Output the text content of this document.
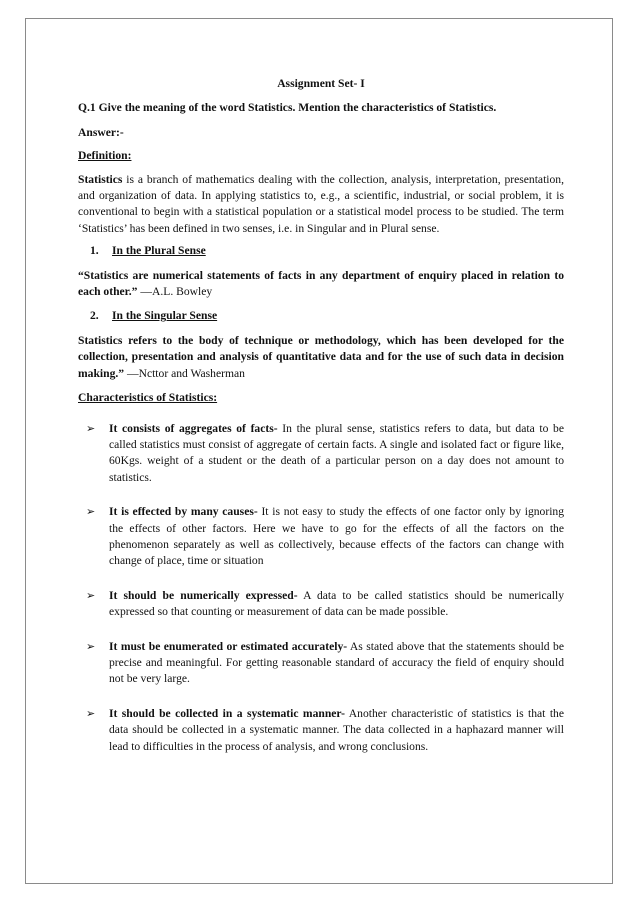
Assignment Set- I

Q.1 Give the meaning of the word Statistics. Mention the characteristics of Statistics.

Answer:-

Definition:

Statistics is a branch of mathematics dealing with the collection, analysis, interpretation, presentation, and organization of data. In applying statistics to, e.g., a scientific, industrial, or social problem, it is conventional to begin with a statistical population or a statistical model process to be studied. The term ‘Statistics’ has been defined in two senses, i.e. in Singular and in Plural sense.

1. In the Plural Sense

“Statistics are numerical statements of facts in any department of enquiry placed in relation to each other.” —A.L. Bowley

2. In the Singular Sense

Statistics refers to the body of technique or methodology, which has been developed for the collection, presentation and analysis of quantitative data and for the use of such data in decision making.” —Ncttor and Washerman

Characteristics of Statistics:

➢ It consists of aggregates of facts- In the plural sense, statistics refers to data, but data to be called statistics must consist of aggregate of certain facts. A single and isolated fact or figure like, 60Kgs. weight of a student or the death of a particular person on a day does not amount to statistics.
➢ It is effected by many causes- It is not easy to study the effects of one factor only by ignoring the effects of other factors. Here we have to go for the effects of all the factors on the phenomenon separately as well as collectively, because effects of the factors can change with change of place, time or situation
➢ It should be numerically expressed- A data to be called statistics should be numerically expressed so that counting or measurement of data can be made possible.
➢ It must be enumerated or estimated accurately- As stated above that the statements should be precise and meaningful. For getting reasonable standard of accuracy the field of enquiry should not be very large.
➢ It should be collected in a systematic manner- Another characteristic of statistics is that the data should be collected in a systematic manner. The data collected in a haphazard manner will lead to difficulties in the process of analysis, and wrong conclusions.
